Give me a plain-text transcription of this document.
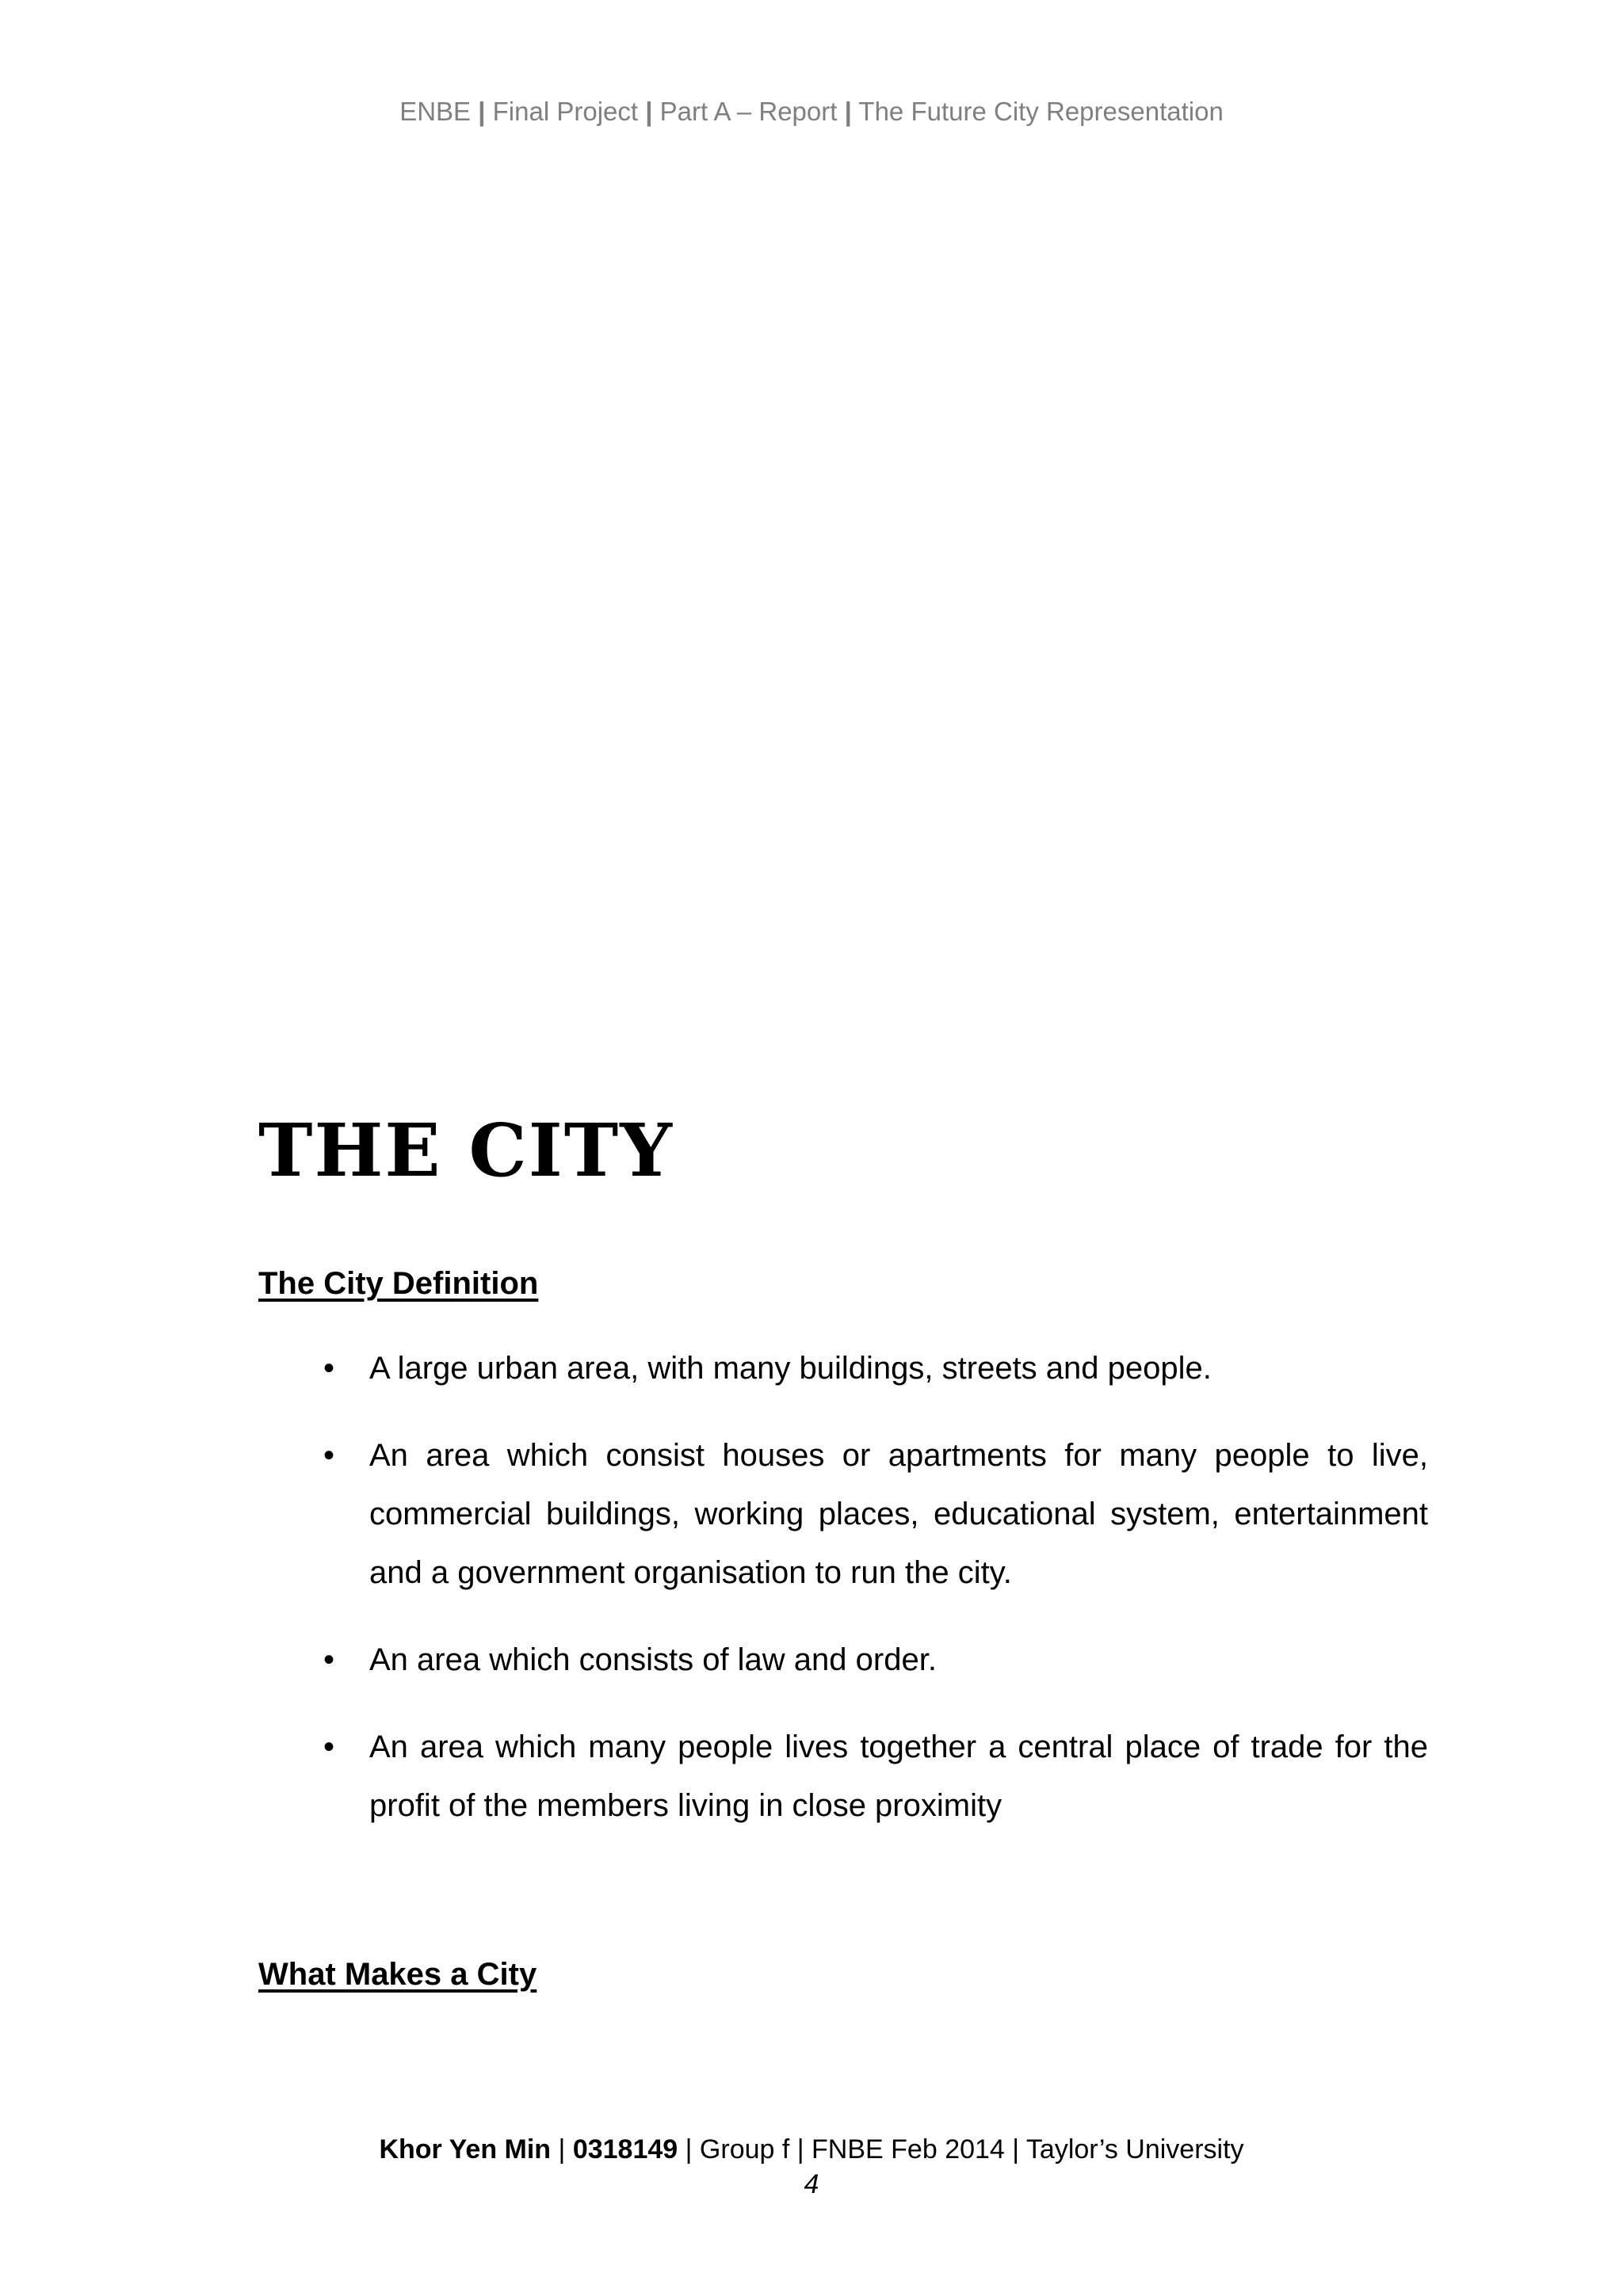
ENBE | Final Project | Part A – Report | The Future City Representation
THE CITY
The City Definition
• A large urban area, with many buildings, streets and people.
• An area which consist houses or apartments for many people to live, commercial buildings, working places, educational system, entertainment and a government organisation to run the city.
• An area which consists of law and order.
• An area which many people lives together a central place of trade for the profit of the members living in close proximity
What Makes a City
Khor Yen Min | 0318149 | Group f | FNBE Feb 2014 | Taylor’s University
4
